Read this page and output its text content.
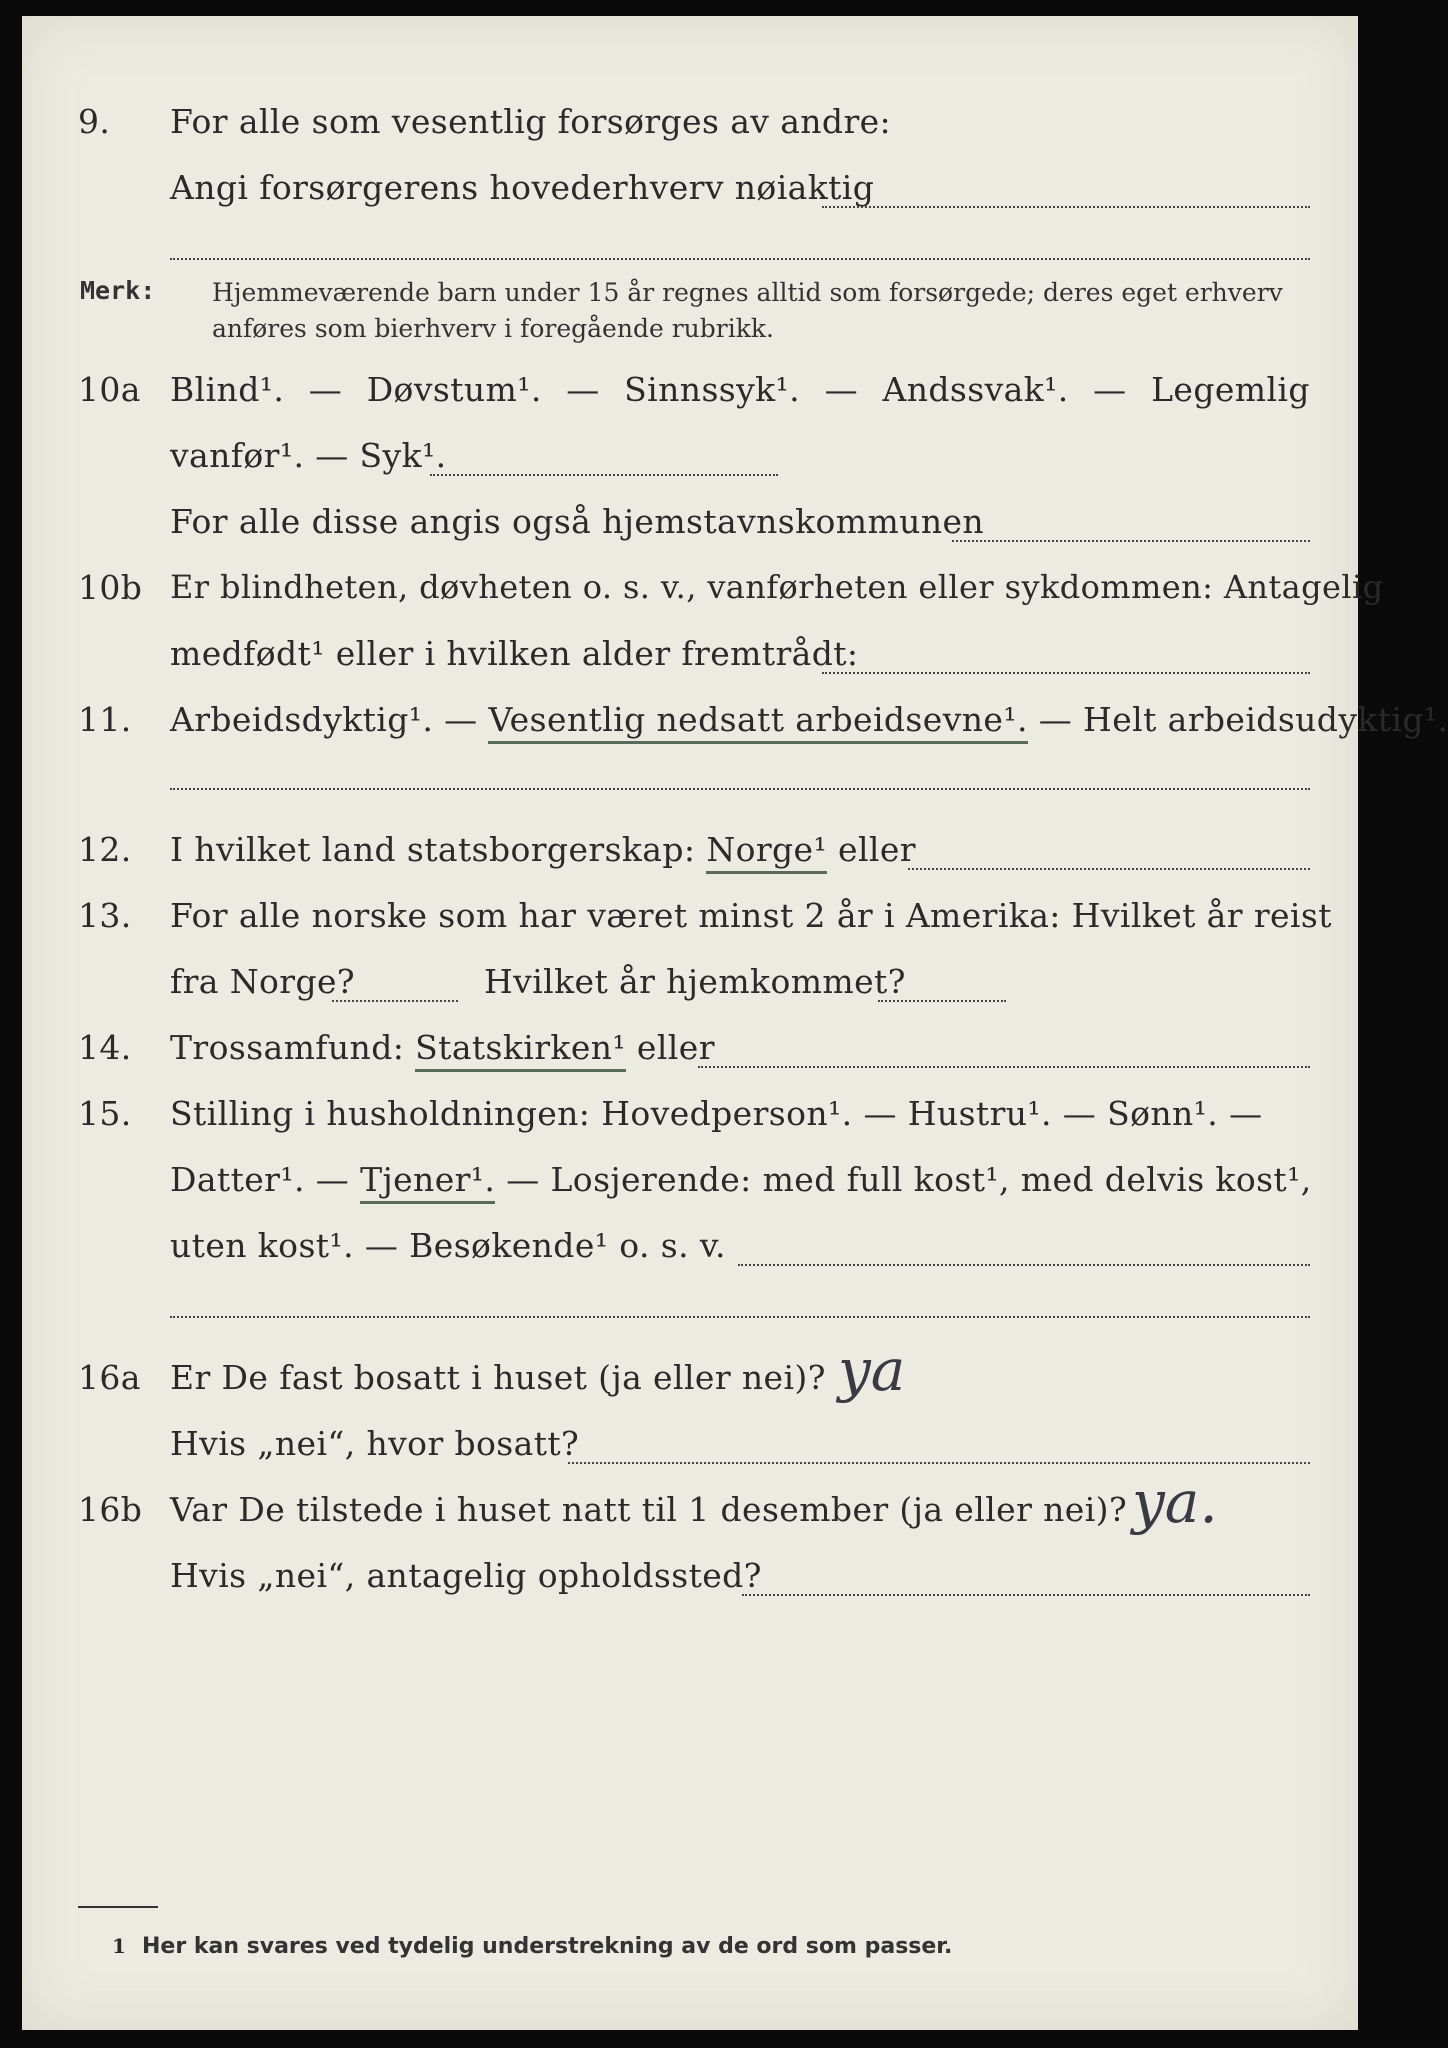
9. For alle som vesentlig forsørges av andre:
Angi forsørgerens hovederhverv nøiaktig
Merk: Hjemmeværende barn under 15 år regnes alltid som forsørgede; deres eget erhverv
anføres som bierhverv i foregående rubrikk.
10a Blind¹. — Døvstum¹. — Sinnssyk¹. — Andssvak¹. — Legemlig
vanfør¹. — Syk¹.
For alle disse angis også hjemstavnskommunen
10b Er blindheten, døvheten o. s. v., vanførheten eller sykdommen: Antagelig
medfødt¹ eller i hvilken alder fremtrådt:
11. Arbeidsdyktig¹. — Vesentlig nedsatt arbeidsevne¹. — Helt arbeidsudyktig¹.
12. I hvilket land statsborgerskap: Norge¹ eller
13. For alle norske som har været minst 2 år i Amerika: Hvilket år reist
fra Norge?	Hvilket år hjemkommet?
14. Trossamfund: Statskirken¹ eller
15. Stilling i husholdningen: Hovedperson¹. — Hustru¹. — Sønn¹. —
Datter¹. — Tjener¹. — Losjerende: med full kost¹, med delvis kost¹,
uten kost¹. — Besøkende¹ o. s. v.
16a Er De fast bosatt i huset (ja eller nei)? ya
Hvis „nei“, hvor bosatt?
16b Var De tilstede i huset natt til 1 desember (ja eller nei)? ya.
Hvis „nei“, antagelig opholdssted?
1 Her kan svares ved tydelig understrekning av de ord som passer.
